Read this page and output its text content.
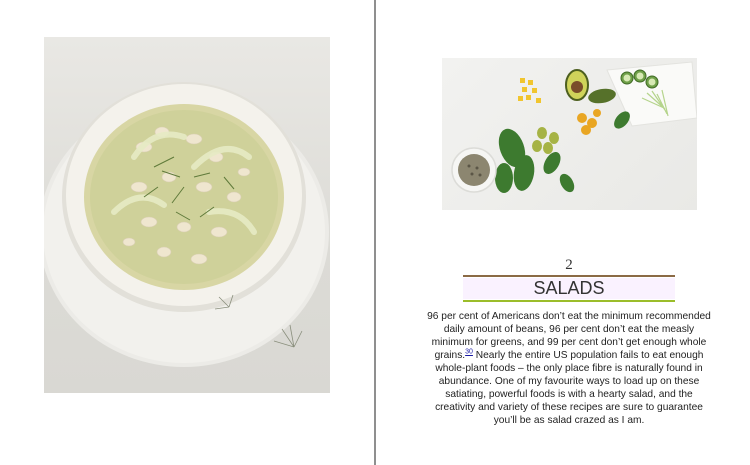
2
SALADS
96 per cent of Americans don’t eat the minimum recommended daily amount of beans, 96 per cent don’t eat the measly minimum for greens, and 99 per cent don’t get enough whole grains.$^{30}$ Nearly the entire US population fails to eat enough whole-plant foods – the only place fibre is naturally found in abundance. One of my favourite ways to load up on these satiating, powerful foods is with a hearty salad, and the creativity and variety of these recipes are sure to guarantee you’ll be as salad crazed as I am.
